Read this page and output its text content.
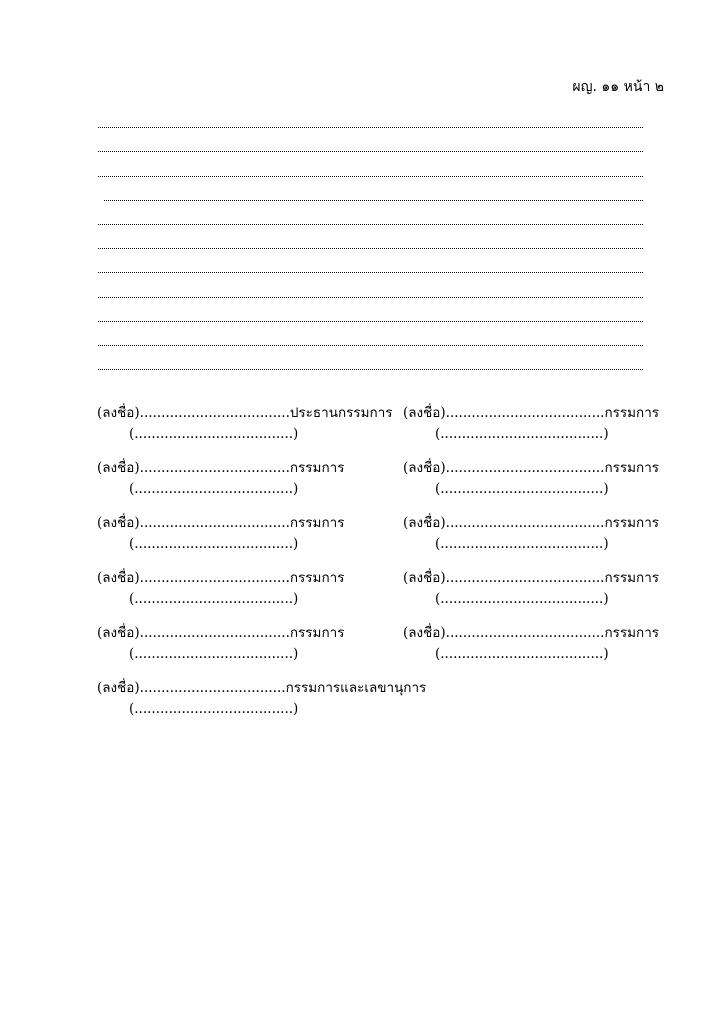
ผญ. ๑๑ หน้า ๒
(ลงชื่อ)...................................ประธานกรรมการ
(.....................................)
(ลงชื่อ)...................................กรรมการ
(.....................................)
(ลงชื่อ)...................................กรรมการ
(.....................................)
(ลงชื่อ)...................................กรรมการ
(.....................................)
(ลงชื่อ)...................................กรรมการ
(.....................................)
(ลงชื่อ)..................................กรรมการและเลขานุการ
(.....................................)
(ลงชื่อ).....................................กรรมการ
(......................................)
(ลงชื่อ).....................................กรรมการ
(......................................)
(ลงชื่อ).....................................กรรมการ
(......................................)
(ลงชื่อ).....................................กรรมการ
(......................................)
(ลงชื่อ).....................................กรรมการ
(......................................)
